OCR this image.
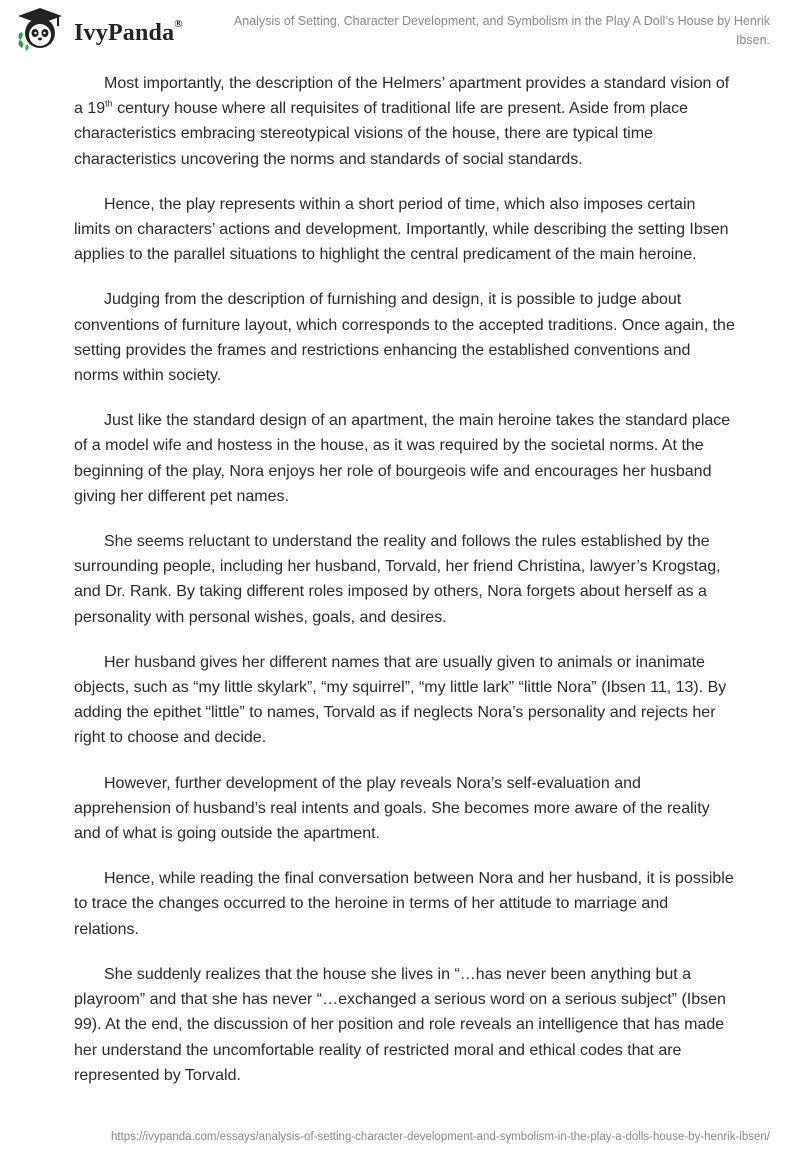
IvyPanda®	Analysis of Setting, Character Development, and Symbolism in the Play A Doll’s House by Henrik Ibsen.

Most importantly, the description of the Helmers’ apartment provides a standard vision of a 19th century house where all requisites of traditional life are present. Aside from place characteristics embracing stereotypical visions of the house, there are typical time characteristics uncovering the norms and standards of social standards.

Hence, the play represents within a short period of time, which also imposes certain limits on characters’ actions and development. Importantly, while describing the setting Ibsen applies to the parallel situations to highlight the central predicament of the main heroine.

Judging from the description of furnishing and design, it is possible to judge about conventions of furniture layout, which corresponds to the accepted traditions. Once again, the setting provides the frames and restrictions enhancing the established conventions and norms within society.

Just like the standard design of an apartment, the main heroine takes the standard place of a model wife and hostess in the house, as it was required by the societal norms. At the beginning of the play, Nora enjoys her role of bourgeois wife and encourages her husband giving her different pet names.

She seems reluctant to understand the reality and follows the rules established by the surrounding people, including her husband, Torvald, her friend Christina, lawyer’s Krogstag, and Dr. Rank. By taking different roles imposed by others, Nora forgets about herself as a personality with personal wishes, goals, and desires.

Her husband gives her different names that are usually given to animals or inanimate objects, such as “my little skylark”, “my squirrel”, “my little lark” “little Nora” (Ibsen 11, 13). By adding the epithet “little” to names, Torvald as if neglects Nora’s personality and rejects her right to choose and decide.

However, further development of the play reveals Nora’s self-evaluation and apprehension of husband’s real intents and goals. She becomes more aware of the reality and of what is going outside the apartment.

Hence, while reading the final conversation between Nora and her husband, it is possible to trace the changes occurred to the heroine in terms of her attitude to marriage and relations.

She suddenly realizes that the house she lives in “…has never been anything but a playroom” and that she has never “…exchanged a serious word on a serious subject” (Ibsen 99). At the end, the discussion of her position and role reveals an intelligence that has made her understand the uncomfortable reality of restricted moral and ethical codes that are represented by Torvald.

https://ivypanda.com/essays/analysis-of-setting-character-development-and-symbolism-in-the-play-a-dolls-house-by-henrik-ibsen/
